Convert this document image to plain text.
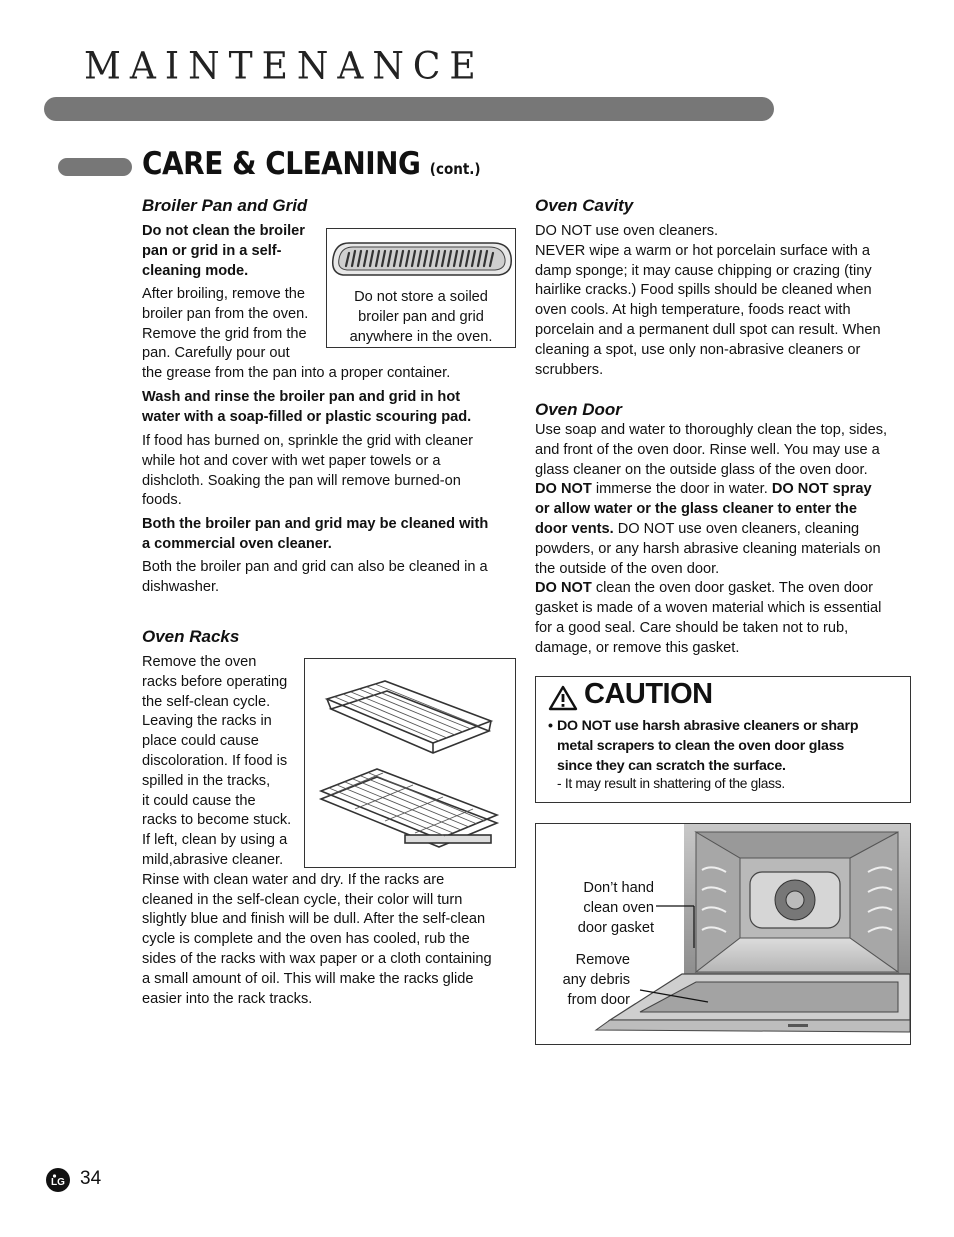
MAINTENANCE
CARE & CLEANING (cont.)
Broiler Pan and Grid
Do not clean the broiler
pan or grid in a self-
cleaning mode.
After broiling, remove the
broiler pan from the oven.
Remove the grid from the
pan. Carefully pour out
the grease from the pan into a proper container.
Do not store a soiled
broiler pan and grid
anywhere in the oven.
Wash and rinse the broiler pan and grid in hot
water with a soap-filled or plastic scouring pad.
If food has burned on, sprinkle the grid with cleaner
while hot and cover with wet paper towels or a
dishcloth. Soaking the pan will remove burned-on
foods.
Both the broiler pan and grid may be cleaned with
a commercial oven cleaner.
Both the broiler pan and grid can also be cleaned in a
dishwasher.
Oven Racks
Remove the oven
racks before operating
the self-clean cycle.
Leaving the racks in
place could cause
discoloration. If food is
spilled in the tracks,
it could cause the
racks to become stuck.
If left, clean by using a
mild,abrasive cleaner.
Rinse with clean water and dry. If the racks are
cleaned in the self-clean cycle, their color will turn
slightly blue and finish will be dull. After the self-clean
cycle is complete and the oven has cooled, rub the
sides of the racks with wax paper or a cloth containing
a small amount of oil. This will make the racks glide
easier into the rack tracks.
Oven Cavity
DO NOT use oven cleaners.
NEVER wipe a warm or hot porcelain surface with a
damp sponge; it may cause chipping or crazing (tiny
hairlike cracks.) Food spills should be cleaned when
oven cools. At high temperature, foods react with
porcelain and a permanent dull spot can result. When
cleaning a spot, use only non-abrasive cleaners or
scrubbers.
Oven Door
Use soap and water to thoroughly clean the top, sides,
and front of the oven door. Rinse well. You may use a
glass cleaner on the outside glass of the oven door.
DO NOT immerse the door in water. DO NOT spray
or allow water or the glass cleaner to enter the
door vents. DO NOT use oven cleaners, cleaning
powders, or any harsh abrasive cleaning materials on
the outside of the oven door.
DO NOT clean the oven door gasket. The oven door
gasket is made of a woven material which is essential
for a good seal. Care should be taken not to rub,
damage, or remove this gasket.
CAUTION
• DO NOT use harsh abrasive cleaners or sharp
metal scrapers to clean the oven door glass
since they can scratch the surface.
- It may result in shattering of the glass.
Don’t hand
clean oven
door gasket
Remove
any debris
from door
LG 34
